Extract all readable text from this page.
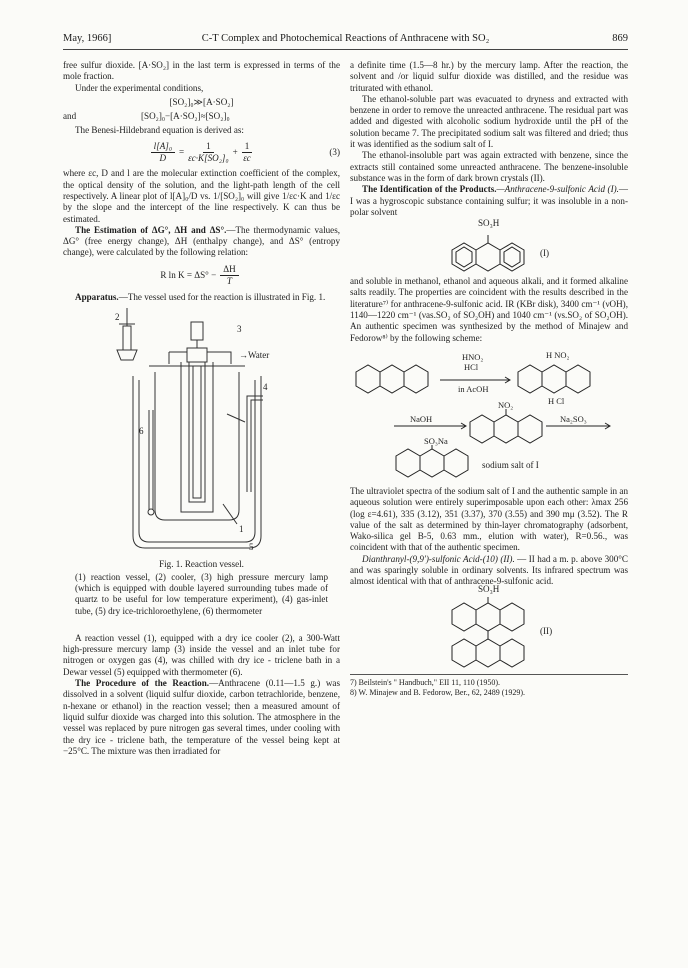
May, 1966]	C-T Complex and Photochemical Reactions of Anthracene with SO₂	869

free sulfur dioxide. [A·SO₂] in the last term is expressed in terms of the mole fraction.

Under the experimental conditions,

[SO₂]₀≫[A·SO₂]
and	[SO₂]₀−[A·SO₂]≈[SO₂]₀

The Benesi-Hildebrand equation is derived as:

$\frac{\text{l[A]₀}}{D} = \frac{1}{\text{εc·K[SO₂]₀}} + \frac{1}{\varepsilon c}$	(3)

where εc, D and l are the molecular extinction coefficient of the complex, the optical density of the solution, and the light-path length of the cell respectively. A linear plot of l[A]₀/D vs. 1/[SO₂]₀ will give 1/εc·K and 1/εc by the slope and the intercept of the line respectively. K can thus be estimated.

The Estimation of ΔG°, ΔH and ΔS°.—The thermodynamic values, ΔG° (free energy change), ΔH (enthalpy change), and ΔS° (entropy change), were calculated by the following relation:

R $\ln K = \Delta S^\circ - \frac{\Delta H}{T}$

Apparatus.—The vessel used for the reaction is illustrated in Fig. 1.

3
4
2
6
1
5
→Water
Fig. 1. Reaction vessel.

(1) reaction vessel, (2) cooler, (3) high pressure mercury lamp (which is equipped with double layered surrounding tubes made of quartz to be useful for low temperature experiment), (4) gas-inlet tube, (5) dry ice-trichloroethylene, (6) thermometer

A reaction vessel (1), equipped with a dry ice cooler (2), a 300-Watt high-pressure mercury lamp (3) inside the vessel and an inlet tube for nitrogen or oxygen gas (4), was chilled with dry ice - triclene bath in a Dewar vessel (5) equipped with thermometer (6).

The Procedure of the Reaction.—Anthracene (0.11—1.5 g.) was dissolved in a solvent (liquid sulfur dioxide, carbon tetrachloride, benzene, n-hexane or ethanol) in the reaction vessel; then a measured amount of liquid sulfur dioxide was charged into this solution. The atmosphere in the vessel was replaced by pure nitrogen gas several times, under cooling with the dry ice - triclene bath, the temperature of the vessel being kept at −25°C. The mixture was then irradiated for

a definite time (1.5—8 hr.) by the mercury lamp. After the reaction, the solvent and /or liquid sulfur dioxide was distilled, and the residue was triturated with ethanol.

The ethanol-soluble part was evacuated to dryness and extracted with benzene in order to remove the unreacted anthracene. The residual part was added and digested with alcoholic sodium hydroxide until the pH of the solution became 7. The precipitated sodium salt was filtered and dried; thus it was identified as the sodium salt of I.

The ethanol-insoluble part was again extracted with benzene, since the extracts still contained some unreacted anthracene. The benzene-insoluble substance was in the form of dark brown crystals (II).

The Identification of the Products.—Anthracene-9-sulfonic Acid (I).—I was a hygroscopic substance containing sulfur; it was insoluble in a non-polar solvent

SO₃H
(I)

and soluble in methanol, ethanol and aqueous alkali, and it formed alkaline salts readily. The properties are coincident with the results described in the literature⁷⁾ for anthracene-9-sulfonic acid. IR (KBr disk), 3400 cm⁻¹ (νOH), 1140—1220 cm⁻¹ (νas.SO₂ of SO₂OH) and 1040 cm⁻¹ (νs.SO₂ of SO₂OH). An authentic specimen was synthesized by the method of Minajew and Fedorow⁸⁾ by the following scheme:

HNO₂
HCl
in AcOH
H NO₂
H Cl
NO₂
NaOH	Na₂SO₃
SO₃Na
sodium salt of I

The ultraviolet spectra of the sodium salt of I and the authentic sample in an aqueous solution were entirely superimposable upon each other: λmax 256 (log ε=4.61), 335 (3.12), 351 (3.37), 370 (3.55) and 390 mμ (3.52). The R value of the salt as determined by thin-layer chromatography (adsorbent, Wako-silica gel B-5, 0.63 mm., elution with water), R=0.56., was coincident with that of the authentic specimen.

Dianthranyl-(9,9′)-sulfonic Acid-(10) (II). — II had a m. p. above 300°C and was sparingly soluble in ordinary solvents. Its infrared spectrum was almost identical with that of anthracene-9-sulfonic acid.

SO₃H
(II)
7) Beilstein's " Handbuch," EII 11, 110 (1950).
8) W. Minajew and B. Fedorow, Ber., 62, 2489 (1929).
